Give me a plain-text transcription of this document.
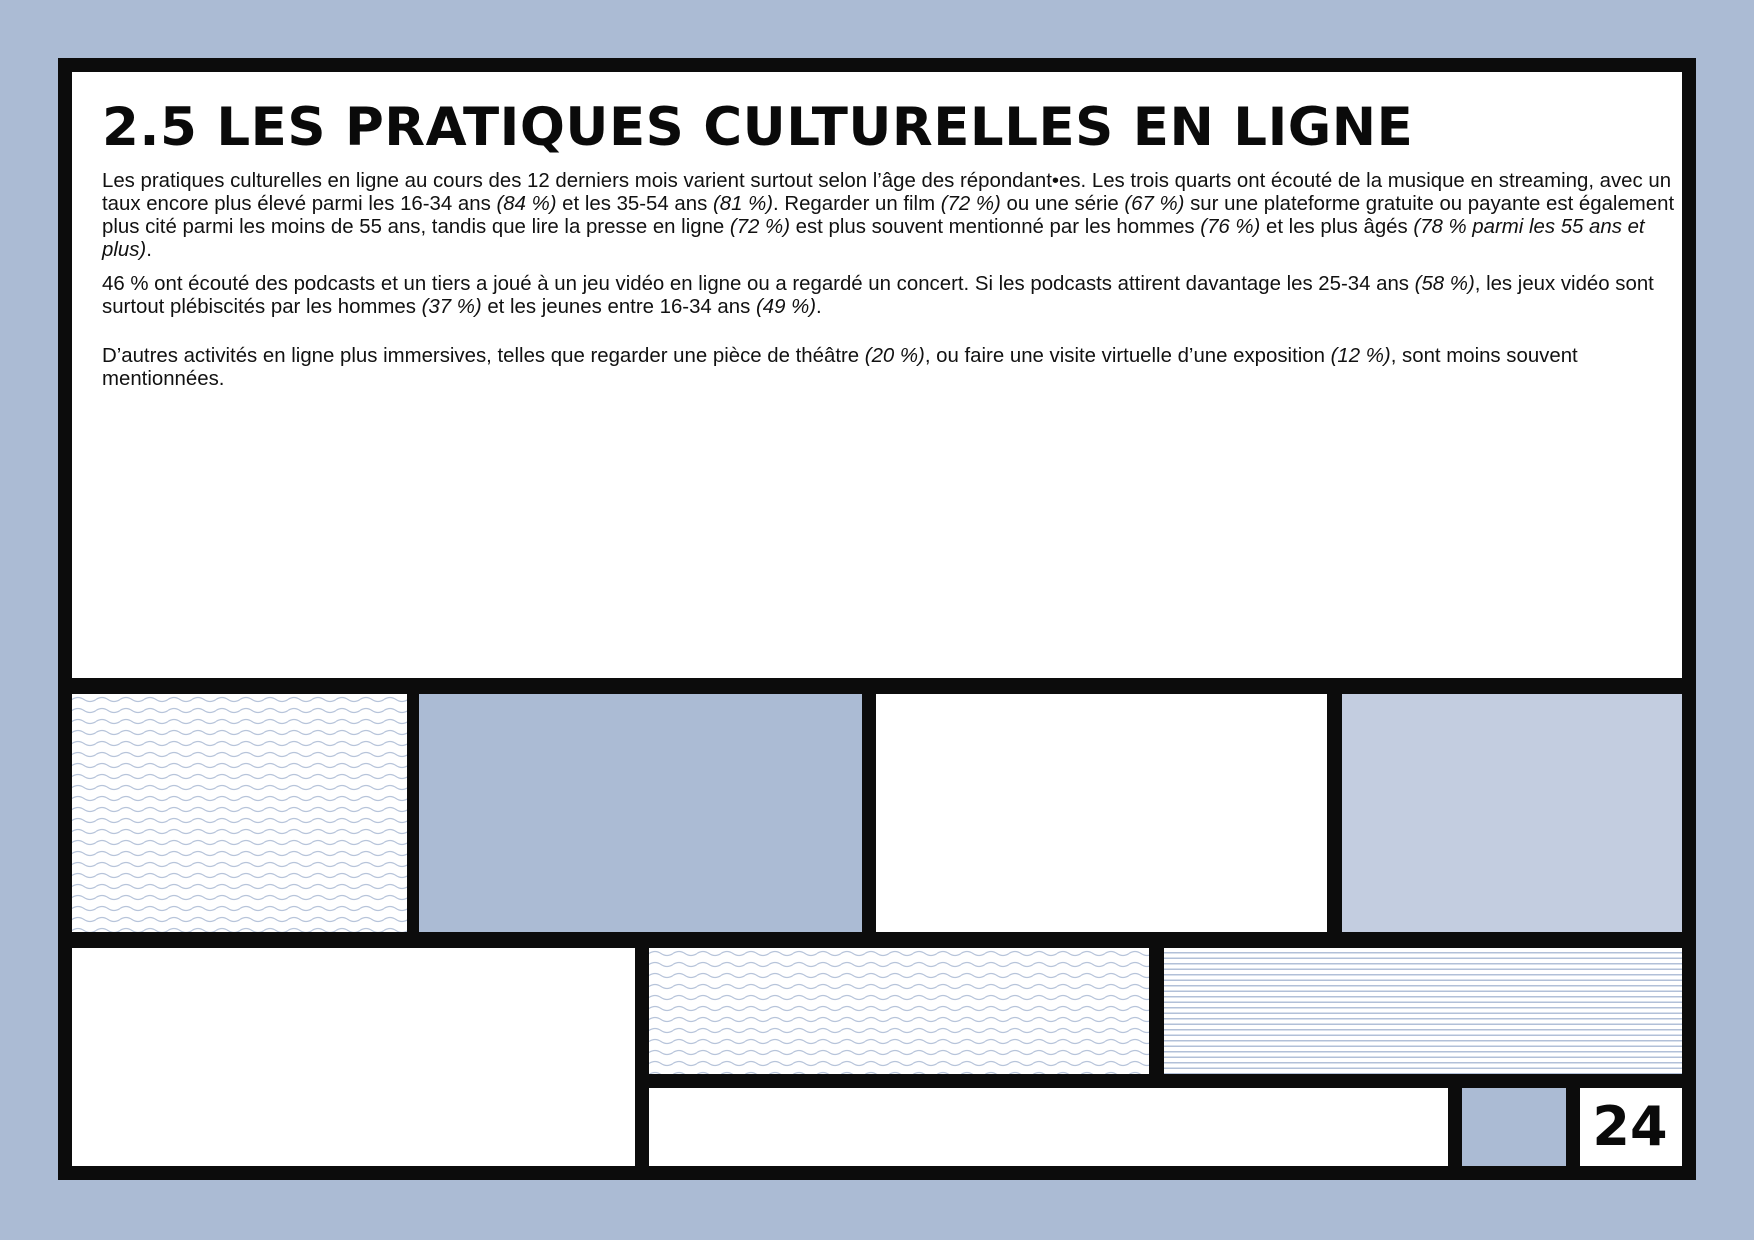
24
2.5 LES PRATIQUES CULTURELLES EN LIGNE

Les pratiques culturelles en ligne au cours des 12 derniers mois varient surtout selon l’âge des répondant•es. Les trois quarts ont écouté de la musique en streaming, avec un taux encore plus élevé parmi les 16-34 ans (84 %) et les 35-54 ans (81 %). Regarder un film (72 %) ou une série (67 %) sur une plateforme gratuite ou payante est également plus cité parmi les moins de 55 ans, tandis que lire la presse en ligne (72 %) est plus souvent mentionné par les hommes (76 %) et les plus âgés (78 % parmi les 55 ans et plus).

46 % ont écouté des podcasts et un tiers a joué à un jeu vidéo en ligne ou a regardé un concert. Si les podcasts attirent davantage les 25-34 ans (58 %), les jeux vidéo sont surtout plébiscités par les hommes (37 %) et les jeunes entre 16-34 ans (49 %).

D’autres activités en ligne plus immersives, telles que regarder une pièce de théâtre (20 %), ou faire une visite virtuelle d’une exposition (12 %), sont moins souvent mentionnées.
